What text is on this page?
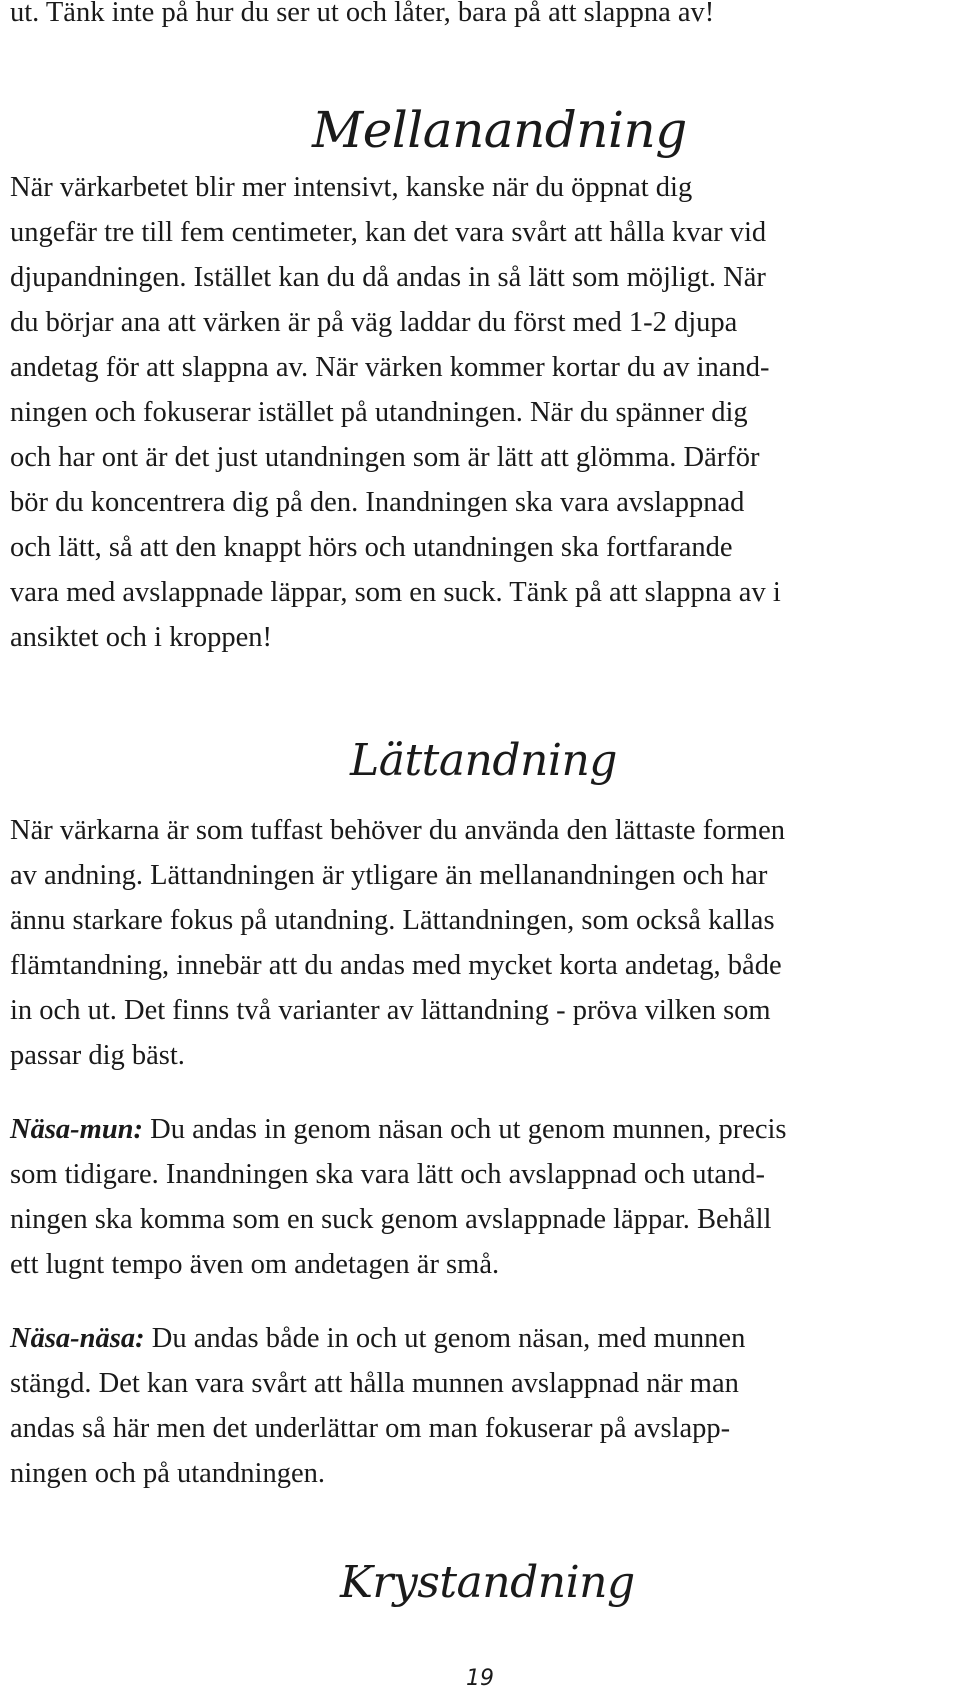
ut. Tänk inte på hur du ser ut och låter, bara på att slappna av!

Mellanandning

När värkarbetet blir mer intensivt, kanske när du öppnat dig
ungefär tre till fem centimeter, kan det vara svårt att hålla kvar vid
djupandningen. Istället kan du då andas in så lätt som möjligt. När
du börjar ana att värken är på väg laddar du först med 1-2 djupa
andetag för att slappna av. När värken kommer kortar du av inand-
ningen och fokuserar istället på utandningen. När du spänner dig
och har ont är det just utandningen som är lätt att glömma. Därför
bör du koncentrera dig på den. Inandningen ska vara avslappnad
och lätt, så att den knappt hörs och utandningen ska fortfarande
vara med avslappnade läppar, som en suck. Tänk på att slappna av i
ansiktet och i kroppen!

Lättandning

När värkarna är som tuffast behöver du använda den lättaste formen
av andning. Lättandningen är ytligare än mellanandningen och har
ännu starkare fokus på utandning. Lättandningen, som också kallas
flämtandning, innebär att du andas med mycket korta andetag, både
in och ut. Det finns två varianter av lättandning - pröva vilken som
passar dig bäst.

Näsa-mun: Du andas in genom näsan och ut genom munnen, precis
som tidigare. Inandningen ska vara lätt och avslappnad och utand-
ningen ska komma som en suck genom avslappnade läppar. Behåll
ett lugnt tempo även om andetagen är små.

Näsa-näsa: Du andas både in och ut genom näsan, med munnen
stängd. Det kan vara svårt att hålla munnen avslappnad när man
andas så här men det underlättar om man fokuserar på avslapp-
ningen och på utandningen.

Krystandning

19
